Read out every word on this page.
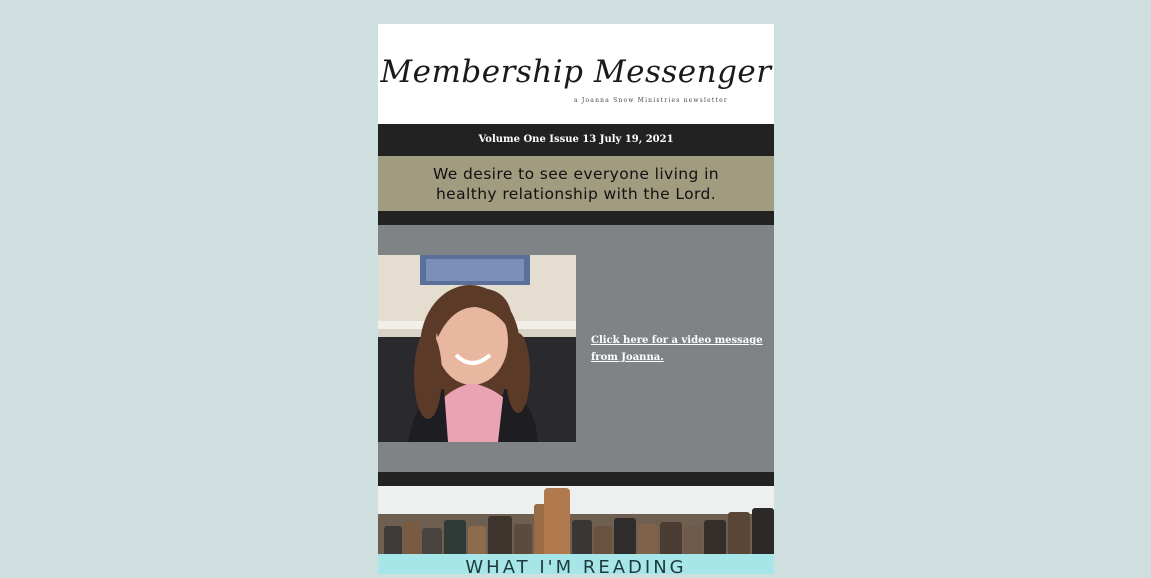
Membership Messenger
a Joanna Snow Ministries newsletter
Volume One Issue 13 July 19, 2021
We desire to see everyone living in healthy relationship with the Lord.
Click here for a video message from Joanna.
WHAT I'M READING
